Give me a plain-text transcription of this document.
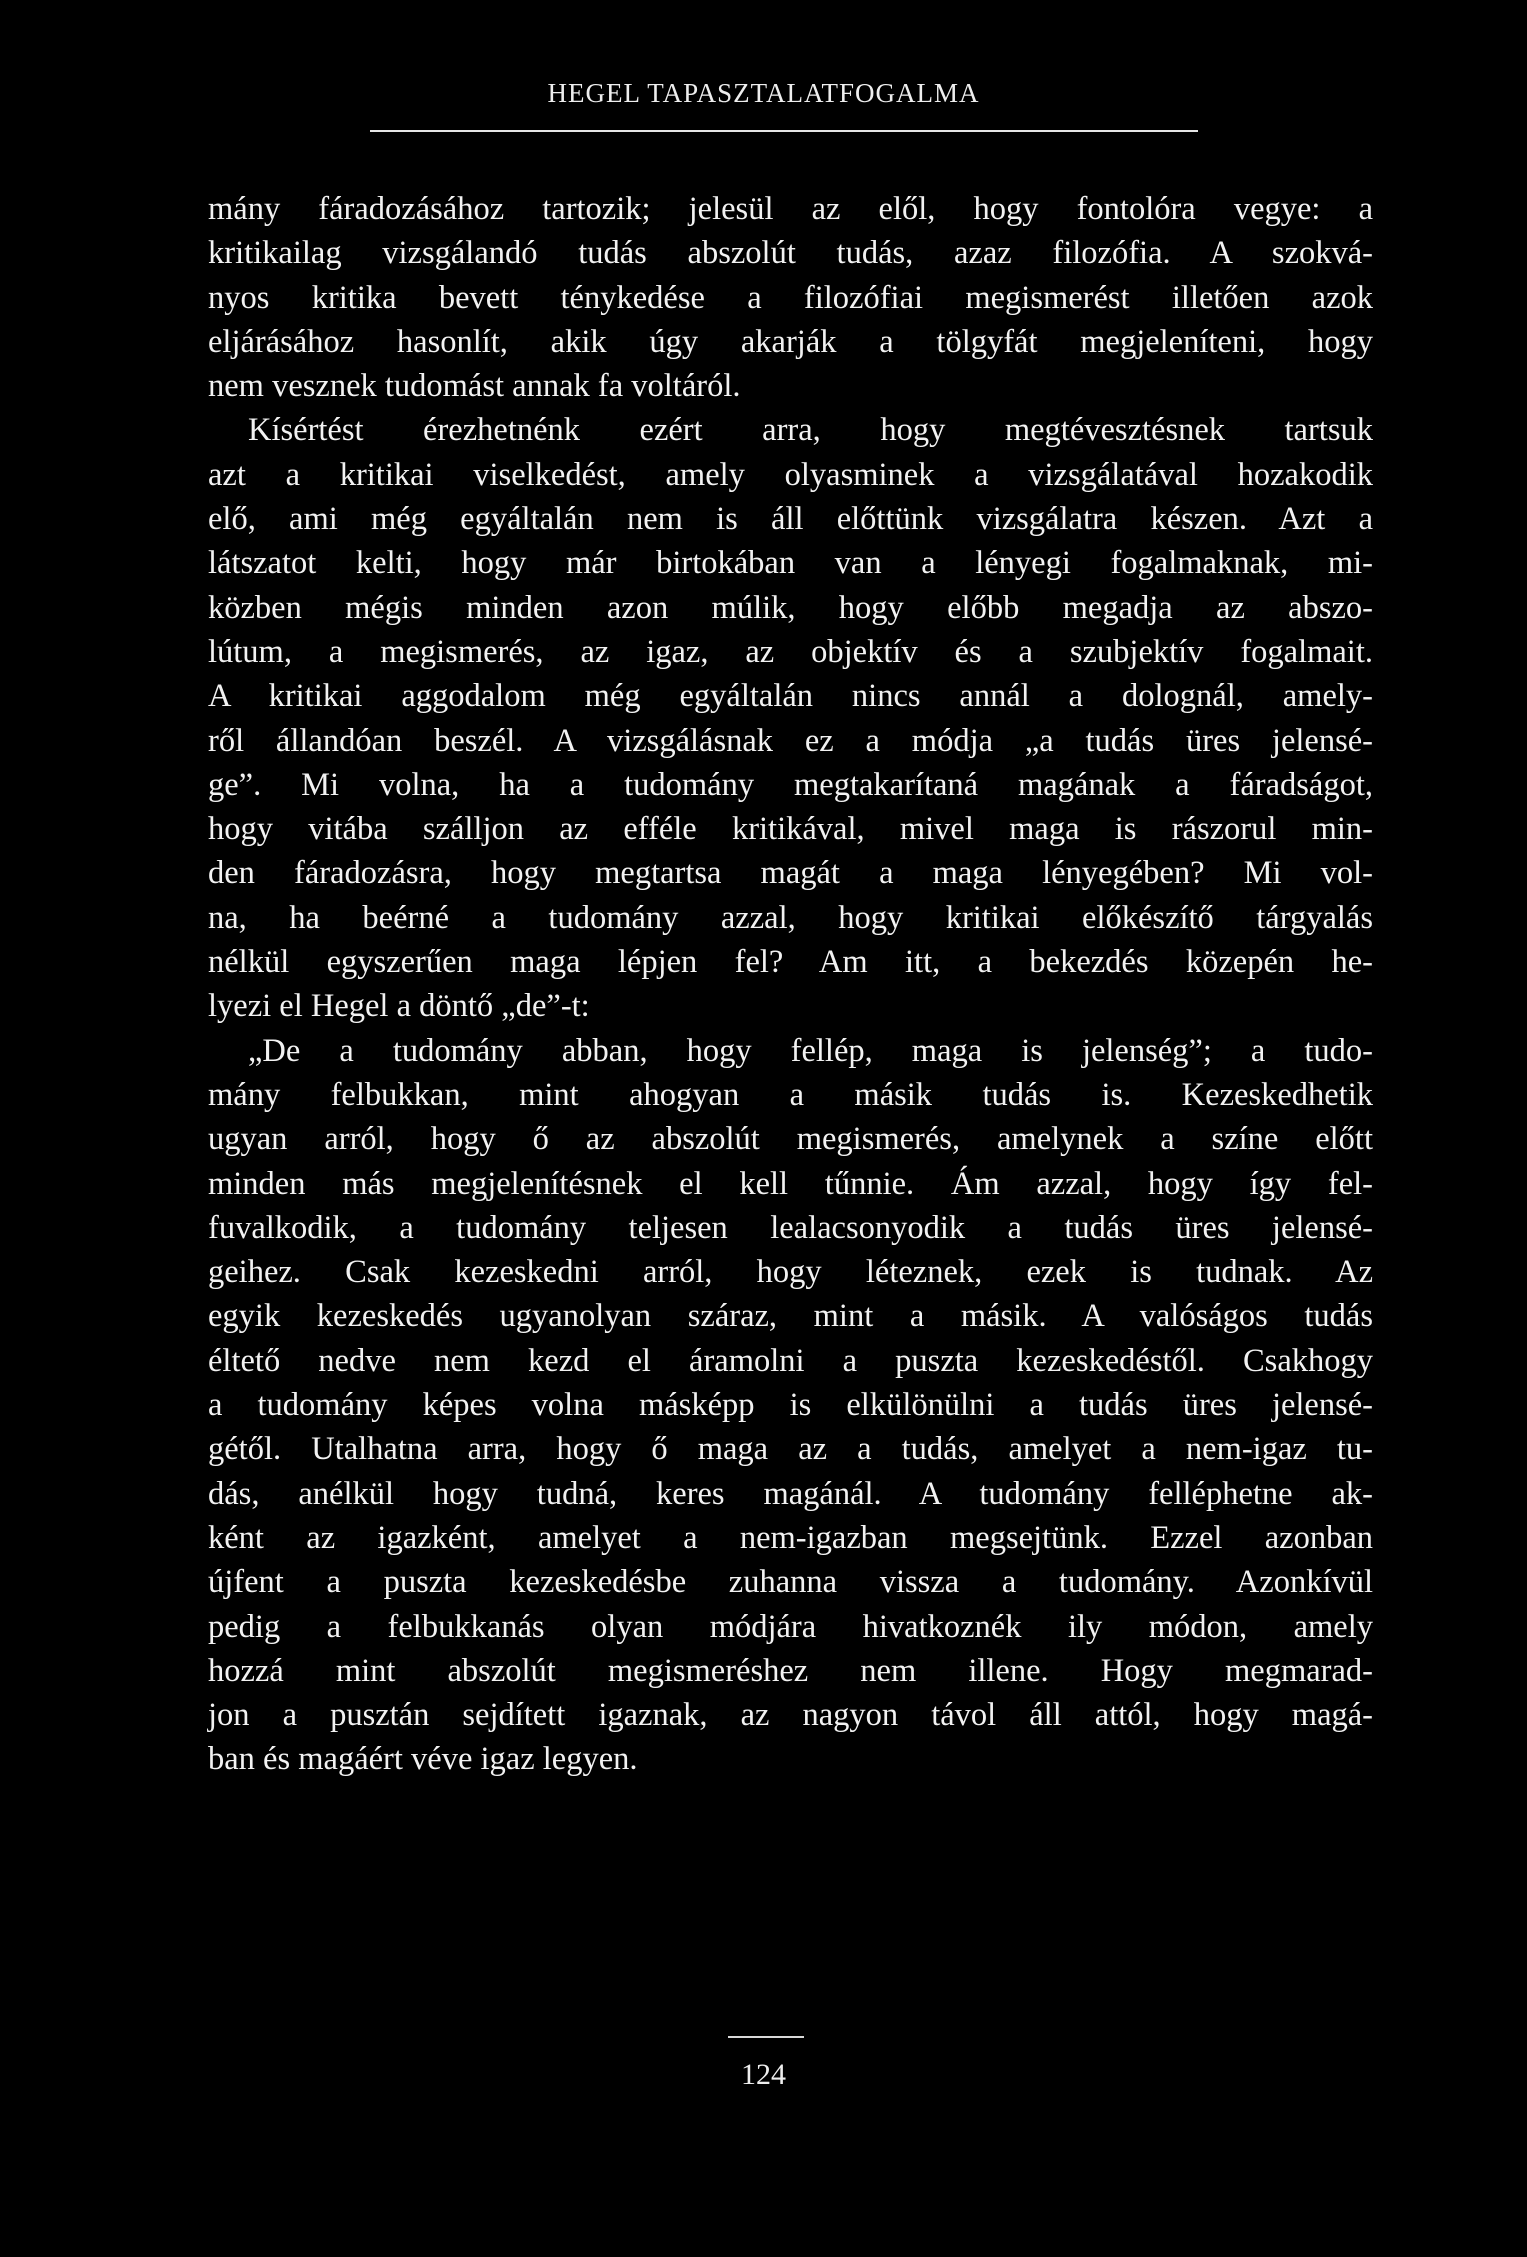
HEGEL TAPASZTALATFOGALMA
mány fáradozásához tartozik; jelesül az elől, hogy fontolóra vegye: a
kritikailag vizsgálandó tudás abszolút tudás, azaz filozófia. A szokvá-
nyos kritika bevett ténykedése a filozófiai megismerést illetően azok
eljárásához hasonlít, akik úgy akarják a tölgyfát megjeleníteni, hogy
nem vesznek tudomást annak fa voltáról.
Kísértést érezhetnénk ezért arra, hogy megtévesztésnek tartsuk
azt a kritikai viselkedést, amely olyasminek a vizsgálatával hozakodik
elő, ami még egyáltalán nem is áll előttünk vizsgálatra készen. Azt a
látszatot kelti, hogy már birtokában van a lényegi fogalmaknak, mi-
közben mégis minden azon múlik, hogy előbb megadja az abszo-
lútum, a megismerés, az igaz, az objektív és a szubjektív fogalmait.
A kritikai aggodalom még egyáltalán nincs annál a dolognál, amely-
ről állandóan beszél. A vizsgálásnak ez a módja „a tudás üres jelensé-
ge”. Mi volna, ha a tudomány megtakarítaná magának a fáradságot,
hogy vitába szálljon az efféle kritikával, mivel maga is rászorul min-
den fáradozásra, hogy megtartsa magát a maga lényegében? Mi vol-
na, ha beérné a tudomány azzal, hogy kritikai előkészítő tárgyalás
nélkül egyszerűen maga lépjen fel? Am itt, a bekezdés közepén he-
lyezi el Hegel a döntő „de”-t:
„De a tudomány abban, hogy fellép, maga is jelenség”; a tudo-
mány felbukkan, mint ahogyan a másik tudás is. Kezeskedhetik
ugyan arról, hogy ő az abszolút megismerés, amelynek a színe előtt
minden más megjelenítésnek el kell tűnnie. Ám azzal, hogy így fel-
fuvalkodik, a tudomány teljesen lealacsonyodik a tudás üres jelensé-
geihez. Csak kezeskedni arról, hogy léteznek, ezek is tudnak. Az
egyik kezeskedés ugyanolyan száraz, mint a másik. A valóságos tudás
éltető nedve nem kezd el áramolni a puszta kezeskedéstől. Csakhogy
a tudomány képes volna másképp is elkülönülni a tudás üres jelensé-
gétől. Utalhatna arra, hogy ő maga az a tudás, amelyet a nem-igaz tu-
dás, anélkül hogy tudná, keres magánál. A tudomány felléphetne ak-
ként az igazként, amelyet a nem-igazban megsejtünk. Ezzel azonban
újfent a puszta kezeskedésbe zuhanna vissza a tudomány. Azonkívül
pedig a felbukkanás olyan módjára hivatkoznék ily módon, amely
hozzá mint abszolút megismeréshez nem illene. Hogy megmarad-
jon a pusztán sejdített igaznak, az nagyon távol áll attól, hogy magá-
ban és magáért véve igaz legyen.
124
